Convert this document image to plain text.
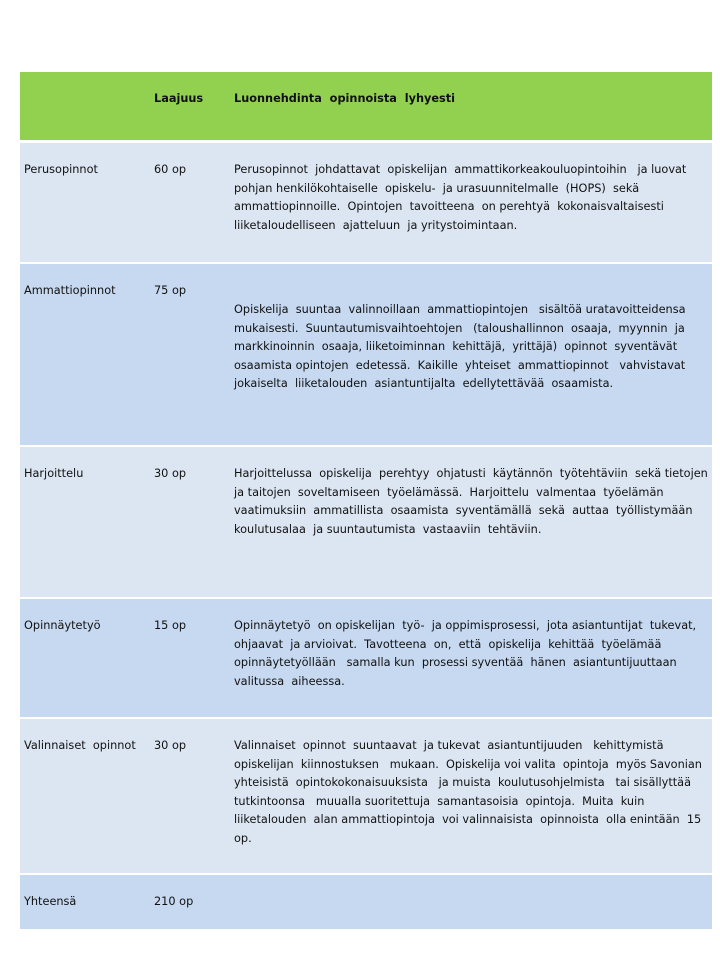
Laajuus	Luonnehdinta  opinnoista  lyhyesti
Perusopinnot	60 op	Perusopinnot  johdattavat  opiskelijan  ammattikorkeakouluopintoihin   ja luovat
pohjan henkilökohtaiselle  opiskelu-  ja urasuunnitelmalle  (HOPS)  sekä
ammattiopinnoille.  Opintojen  tavoitteena  on perehtyä  kokonaisvaltaisesti
liiketaloudelliseen  ajatteluun  ja yritystoimintaan.
Ammattiopinnot	75 op
Opiskelija  suuntaa  valinnoillaan  ammattiopintojen   sisältöä uratavoitteidensa
mukaisesti.  Suuntautumisvaihtoehtojen   (taloushallinnon  osaaja,  myynnin  ja
markkinoinnin  osaaja, liiketoiminnan  kehittäjä,  yrittäjä)  opinnot  syventävät
osaamista opintojen  edetessä.  Kaikille  yhteiset  ammattiopinnot   vahvistavat
jokaiselta  liiketalouden  asiantuntijalta  edellytettävää  osaamista.
Harjoittelu	30 op	Harjoittelussa  opiskelija  perehtyy  ohjatusti  käytännön  työtehtäviin  sekä tietojen
ja taitojen  soveltamiseen  työelämässä.  Harjoittelu  valmentaa  työelämän
vaatimuksiin  ammatillista  osaamista  syventämällä  sekä  auttaa  työllistymään
koulutusalaa  ja suuntautumista  vastaaviin  tehtäviin.
Opinnäytetyö	15 op	Opinnäytetyö  on opiskelijan  työ-  ja oppimisprosessi,  jota asiantuntijat  tukevat,
ohjaavat  ja arvioivat.  Tavotteena  on,  että  opiskelija  kehittää  työelämää
opinnäytetyöllään   samalla kun  prosessi syventää  hänen  asiantuntijuuttaan
valitussa  aiheessa.
Valinnaiset  opinnot	30 op	Valinnaiset  opinnot  suuntaavat  ja tukevat  asiantuntijuuden   kehittymistä
opiskelijan  kiinnostuksen   mukaan.  Opiskelija voi valita  opintoja  myös Savonian
yhteisistä  opintokokonaisuuksista   ja muista  koulutusohjelmista   tai sisällyttää
tutkintoonsa   muualla suoritettuja  samantasoisia  opintoja.  Muita  kuin
liiketalouden  alan ammattiopintoja  voi valinnaisista  opinnoista  olla enintään  15
op.
Yhteensä	210 op
